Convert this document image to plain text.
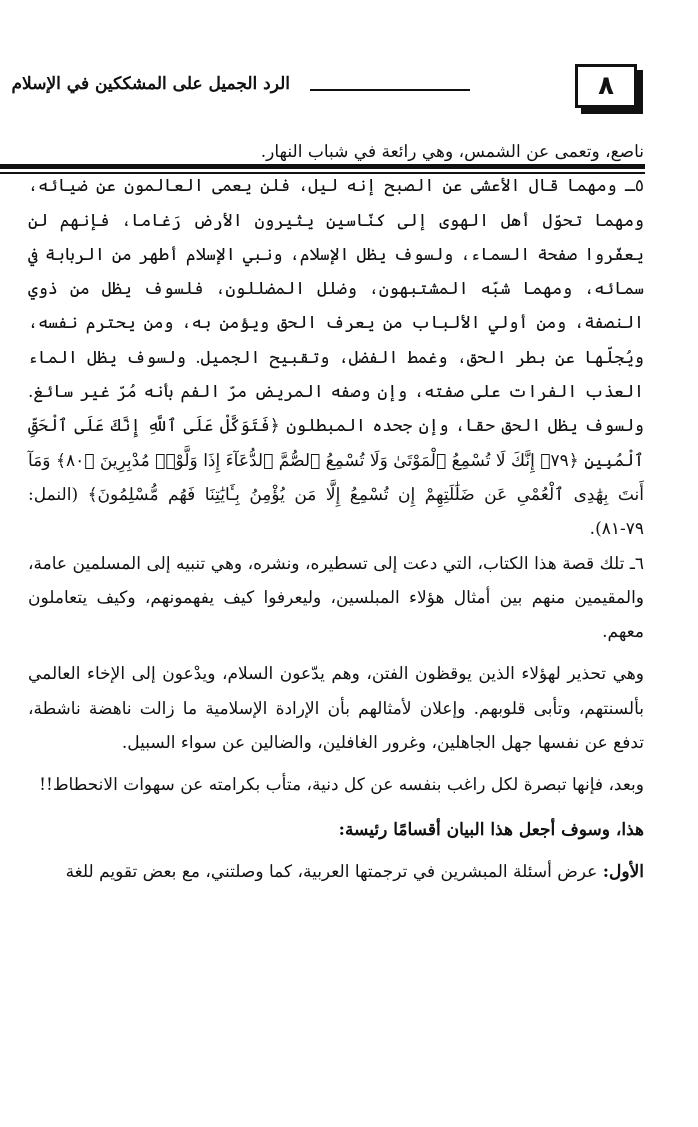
٨
الرد الجميل على المشككين في الإسلام

ناصع، وتعمى عن الشمس، وهي رائعة في شباب النهار.

٥ـ ومهما قال الأعشى عن الصبح إنه ليل، فلن يعمى العالمون عن ضيائه، ومهما تحوّل أهل الهوى إلى كنّاسين يثيرون الأرض رَغاما، فإنهم لن يعفّروا صفحة السماء، ولسوف يظل الإسلام، ونبي الإسلام أطهر من الربابة في سمائه، ومهما شبّه المشتبهون، وضلل المضللون، فلسوف يظل من ذوي النصفة، ومن أولي الألباب من يعرف الحق ويؤمن به، ومن يحترم نفسه، ويُجلّها عن بطر الحق، وغمط الفضل، وتقبيح الجميل. ولسوف يظل الماء العذب الفرات على صفته، وإن وصفه المريض مرّ الفم بأنه مُرّ غير سائغ. ولسوف يظل الحق حقا، وإن جحده المبطلون ﴿فَتَوَكَّلْ عَلَى ٱللَّهِ إِنَّكَ عَلَى ٱلْحَقِّ ٱلْمُبِينِ ﴿٧٩﴾ إِنَّكَ لَا تُسْمِعُ ٱلْمَوْتَىٰ وَلَا تُسْمِعُ ٱلصُّمَّ ٱلدُّعَآءَ إِذَا وَلَّوْا۟ مُدْبِرِينَ ﴿٨٠﴾ وَمَآ أَنتَ بِهَٰدِى ٱلْعُمْىِ عَن ضَلَٰلَتِهِمْ إِن تُسْمِعُ إِلَّا مَن يُؤْمِنُ بِـَٔايَٰتِنَا فَهُم مُّسْلِمُونَ﴾ (النمل: ٧٩-٨١).

٦ـ تلك قصة هذا الكتاب، التي دعت إلى تسطيره، ونشره، وهي تنبيه إلى المسلمين عامة، والمقيمين منهم بين أمثال هؤلاء المبلسين، وليعرفوا كيف يفهمونهم، وكيف يتعاملون معهم.

وهي تحذير لهؤلاء الذين يوقظون الفتن، وهم يدّعون السلام، ويدْعون إلى الإخاء العالمي بألسنتهم، وتأبى قلوبهم. وإعلان لأمثالهم بأن الإرادة الإسلامية ما زالت ناهضة ناشطة، تدفع عن نفسها جهل الجاهلين، وغرور الغافلين، والضالين عن سواء السبيل.

وبعد، فإنها تبصرة لكل راغب بنفسه عن كل دنية، متأب بكرامته عن سهوات الانحطاط!!

هذا، وسوف أجعل هذا البيان أقسامًا رئيسة:

الأول: عرض أسئلة المبشرين في ترجمتها العربية، كما وصلتني، مع بعض تقويم للغة
